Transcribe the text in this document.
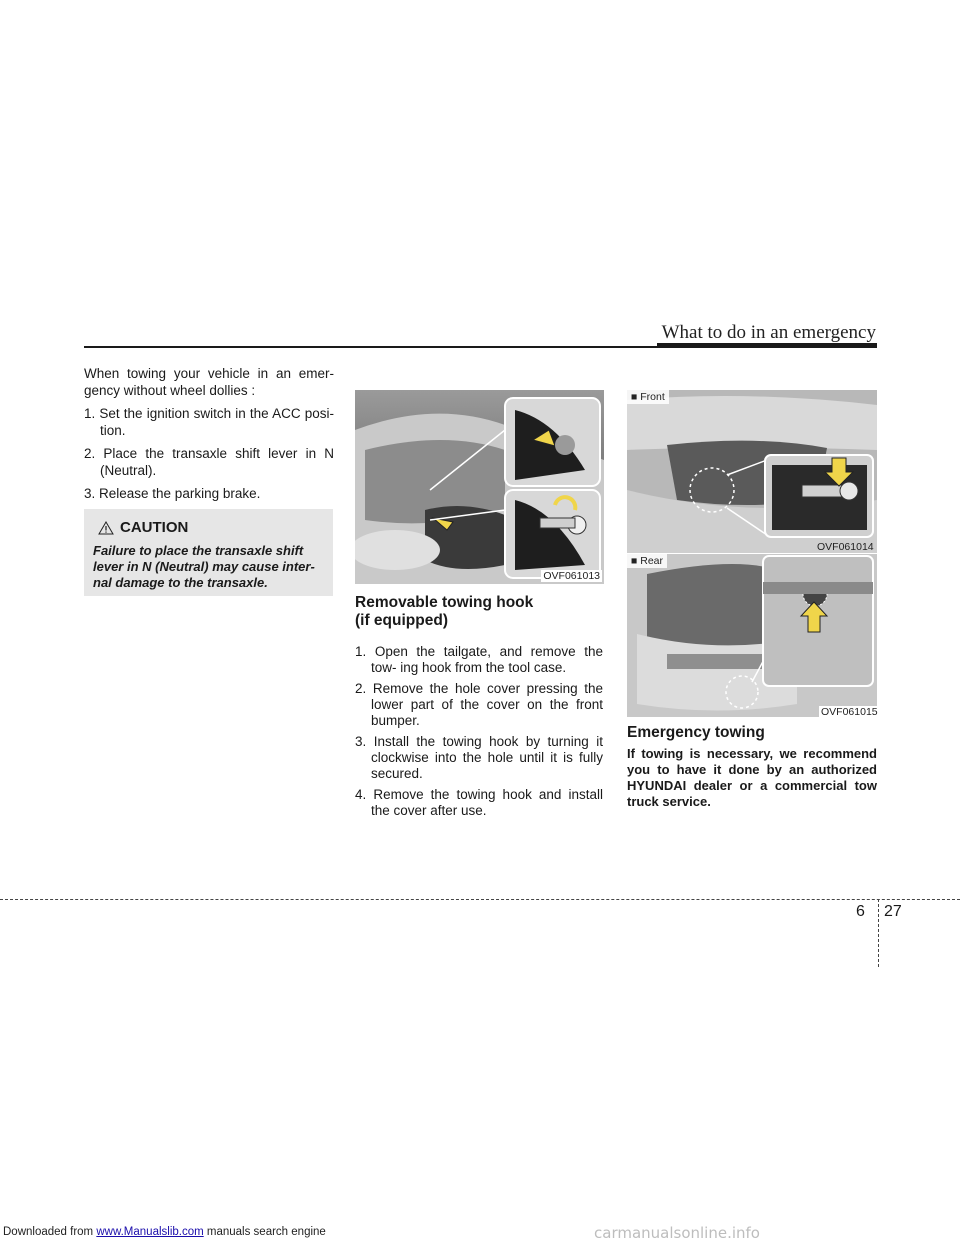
What to do in an emergency

When towing your vehicle in an emer- gency without wheel dollies :

1. Set the ignition switch in the ACC posi- tion.

2. Place the transaxle shift lever in N (Neutral).

3. Release the parking brake.

CAUTION
Failure to place the transaxle shift lever in N (Neutral) may cause inter- nal damage to the transaxle.	OVF061013
Removable towing hook
(if equipped)

1. Open the tailgate, and remove the tow- ing hook from the tool case.

2. Remove the hole cover pressing the lower part of the cover on the front bumper.

3. Install the towing hook by turning it clockwise into the hole until it is fully secured.

4. Remove the towing hook and install the cover after use.

■ Front
OVF061014
■ Rear
OVF061015
Emergency towing
If towing is necessary, we recommend you to have it done by an authorized HYUNDAI dealer or a commercial tow truck service.
6 27
Downloaded from www.Manualslib.com manuals search engine	carmanualsonline.info
